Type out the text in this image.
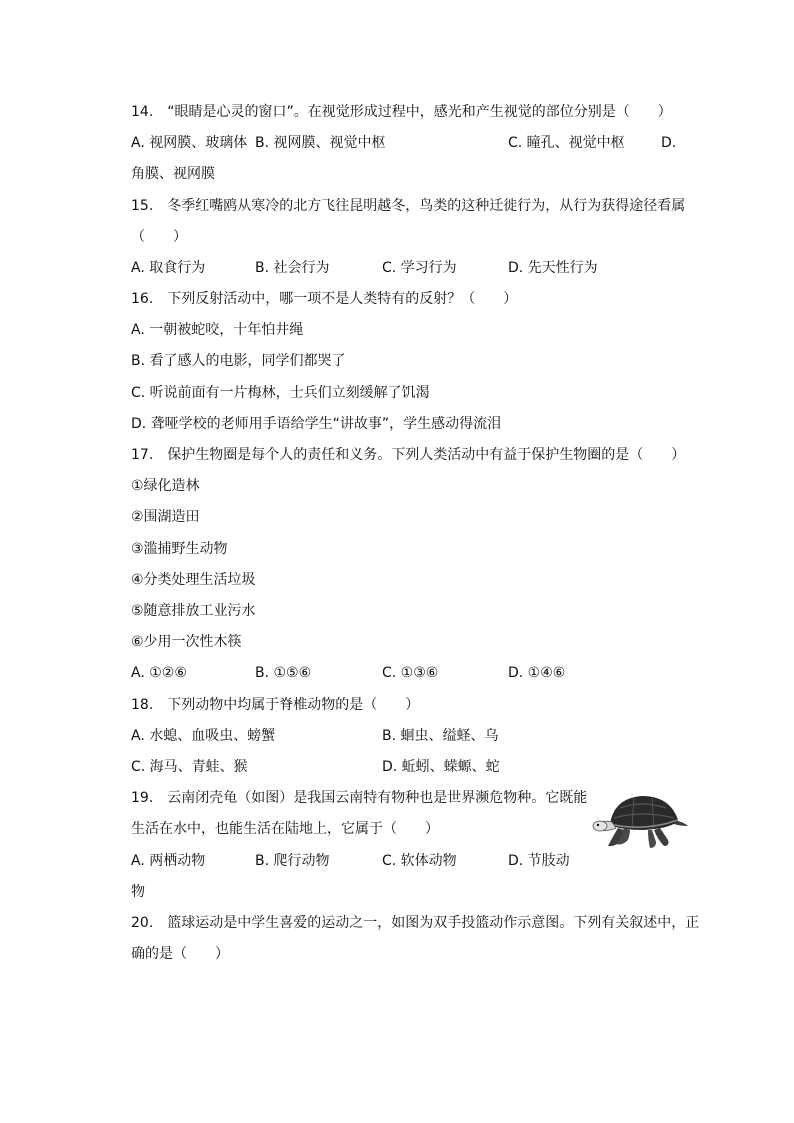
14.　“眼睛是心灵的窗口”。在视觉形成过程中，感光和产生视觉的部位分别是（　　）
A. 视网膜、玻璃体 B. 视网膜、视觉中枢	C. 瞳孔、视觉中枢	D.
角膜、视网膜
15.　冬季红嘴鸥从寒冷的北方飞往昆明越冬，鸟类的这种迁徙行为，从行为获得途径看属
（　　）
A. 取食行为	B. 社会行为	C. 学习行为	D. 先天性行为
16.　下列反射活动中，哪一项不是人类特有的反射？（　　）
A. 一朝被蛇咬，十年怕井绳
B. 看了感人的电影，同学们都哭了
C. 听说前面有一片梅林，士兵们立刻缓解了饥渴
D. 聋哑学校的老师用手语给学生“讲故事”，学生感动得流泪
17.　保护生物圈是每个人的责任和义务。下列人类活动中有益于保护生物圈的是（　　）
①绿化造林
②围湖造田
③滥捕野生动物
④分类处理生活垃圾
⑤随意排放工业污水
⑥少用一次性木筷
A. ①②⑥	B. ①⑤⑥	C. ①③⑥	D. ①④⑥
18.　下列动物中均属于脊椎动物的是（　　）
A. 水螅、血吸虫、螃蟹	B. 蛔虫、缢蛏、乌
C. 海马、青蛙、猴	D. 蚯蚓、蝾螈、蛇
19.　云南闭壳龟（如图）是我国云南特有物种也是世界濒危物种。它既能
生活在水中，也能生活在陆地上，它属于（　　）
A. 两栖动物	B. 爬行动物	C. 软体动物	D. 节肢动
物
20.　篮球运动是中学生喜爱的运动之一，如图为双手投篮动作示意图。下列有关叙述中，正
确的是（　　）
